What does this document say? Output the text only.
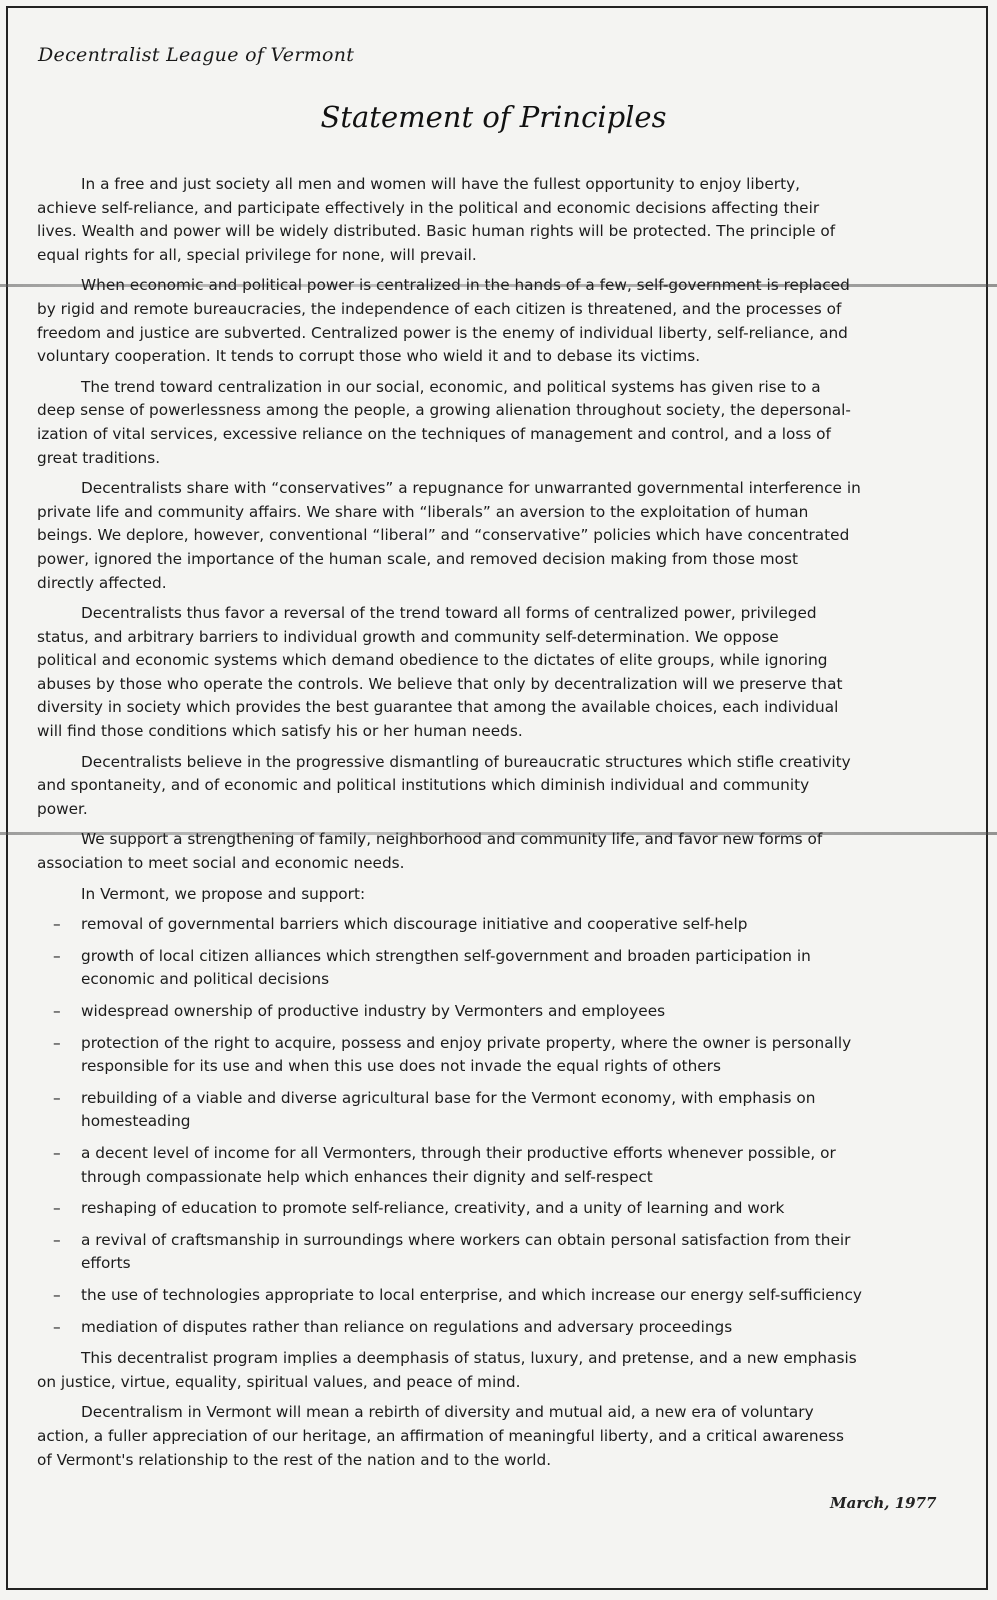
Decentralist League of Vermont
Statement of Principles
In a free and just society all men and women will have the fullest opportunity to enjoy liberty,
achieve self-reliance, and participate effectively in the political and economic decisions affecting their
lives. Wealth and power will be widely distributed. Basic human rights will be protected. The principle of
equal rights for all, special privilege for none, will prevail.
When economic and political power is centralized in the hands of a few, self-government is replaced
by rigid and remote bureaucracies, the independence of each citizen is threatened, and the processes of
freedom and justice are subverted. Centralized power is the enemy of individual liberty, self-reliance, and
voluntary cooperation. It tends to corrupt those who wield it and to debase its victims.
The trend toward centralization in our social, economic, and political systems has given rise to a
deep sense of powerlessness among the people, a growing alienation throughout society, the depersonal-
ization of vital services, excessive reliance on the techniques of management and control, and a loss of
great traditions.
Decentralists share with “conservatives” a repugnance for unwarranted governmental interference in
private life and community affairs. We share with “liberals” an aversion to the exploitation of human
beings. We deplore, however, conventional “liberal” and “conservative” policies which have concentrated
power, ignored the importance of the human scale, and removed decision making from those most
directly affected.
Decentralists thus favor a reversal of the trend toward all forms of centralized power, privileged
status, and arbitrary barriers to individual growth and community self-determination. We oppose
political and economic systems which demand obedience to the dictates of elite groups, while ignoring
abuses by those who operate the controls. We believe that only by decentralization will we preserve that
diversity in society which provides the best guarantee that among the available choices, each individual
will find those conditions which satisfy his or her human needs.
Decentralists believe in the progressive dismantling of bureaucratic structures which stifle creativity
and spontaneity, and of economic and political institutions which diminish individual and community
power.
We support a strengthening of family, neighborhood and community life, and favor new forms of
association to meet social and economic needs.
In Vermont, we propose and support:
– removal of governmental barriers which discourage initiative and cooperative self-help
– growth of local citizen alliances which strengthen self-government and broaden participation in
economic and political decisions
– widespread ownership of productive industry by Vermonters and employees
– protection of the right to acquire, possess and enjoy private property, where the owner is personally
responsible for its use and when this use does not invade the equal rights of others
– rebuilding of a viable and diverse agricultural base for the Vermont economy, with emphasis on
homesteading
– a decent level of income for all Vermonters, through their productive efforts whenever possible, or
through compassionate help which enhances their dignity and self-respect
– reshaping of education to promote self-reliance, creativity, and a unity of learning and work
– a revival of craftsmanship in surroundings where workers can obtain personal satisfaction from their
efforts
– the use of technologies appropriate to local enterprise, and which increase our energy self-sufficiency
– mediation of disputes rather than reliance on regulations and adversary proceedings
This decentralist program implies a deemphasis of status, luxury, and pretense, and a new emphasis
on justice, virtue, equality, spiritual values, and peace of mind.
Decentralism in Vermont will mean a rebirth of diversity and mutual aid, a new era of voluntary
action, a fuller appreciation of our heritage, an affirmation of meaningful liberty, and a critical awareness
of Vermont's relationship to the rest of the nation and to the world.
March, 1977
